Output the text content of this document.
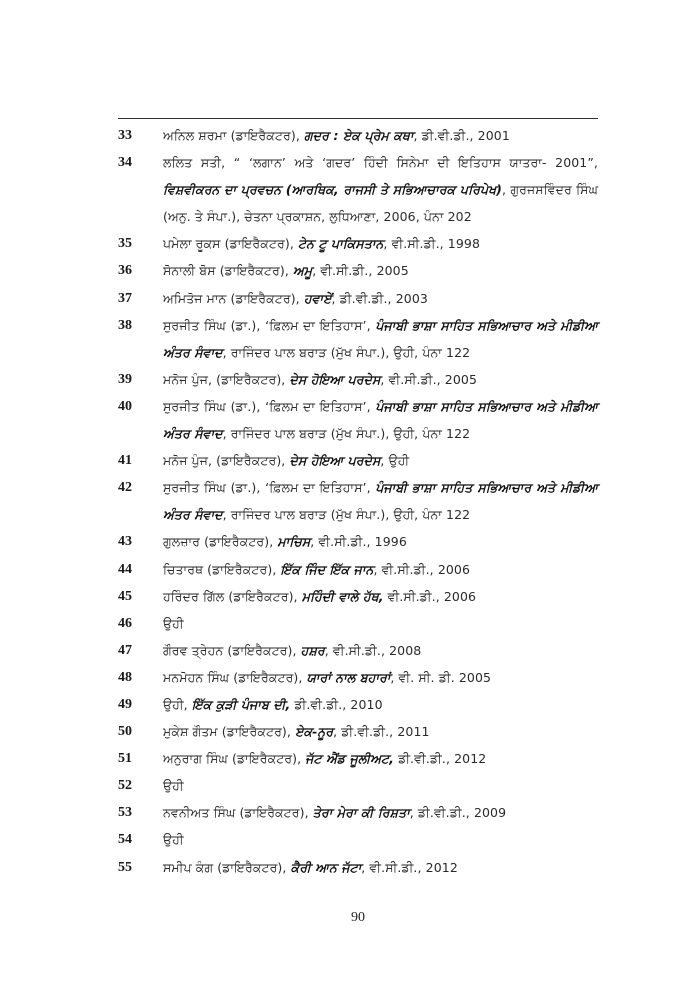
33	ਅਨਿਲ ਸ਼ਰਮਾ (ਡਾਇਰੈਕਟਰ), ਗਦਰ : ਏਕ ਪ੍ਰੇਮ ਕਥਾ, ਡੀ.ਵੀ.ਡੀ., 2001
34	ਲਲਿਤ ਸਤੀ, “ ‘ਲਗਾਨ’ ਅਤੇ ‘ਗਦਰ’ ਹਿੰਦੀ ਸਿਨੇਮਾ ਦੀ ਇਤਿਹਾਸ ਯਾਤਰਾ- 2001”, ਵਿਸ਼ਵੀਕਰਨ ਦਾ ਪ੍ਰਵਚਨ (ਆਰਥਿਕ, ਰਾਜਸੀ ਤੇ ਸਭਿਆਚਾਰਕ ਪਰਿਪੇਖ), ਗੁਰਜਸਵਿੰਦਰ ਸਿੰਘ (ਅਨੁ. ਤੇ ਸੰਪਾ.), ਚੇਤਨਾ ਪ੍ਰਕਾਸ਼ਨ, ਲੁਧਿਆਣਾ, 2006, ਪੰਨਾ 202
35	ਪਮੇਲਾ ਰੂਕਸ (ਡਾਇਰੈਕਟਰ), ਟੇਨ ਟੂ ਪਾਕਿਸਤਾਨ, ਵੀ.ਸੀ.ਡੀ., 1998
36	ਸੋਨਾਲੀ ਬੋਸ (ਡਾਇਰੈਕਟਰ), ਅਮੂ, ਵੀ.ਸੀ.ਡੀ., 2005
37	ਅਮਿਤੋਜ ਮਾਨ (ਡਾਇਰੈਕਟਰ), ਹਵਾਏਂ, ਡੀ.ਵੀ.ਡੀ., 2003
38	ਸੁਰਜੀਤ ਸਿੰਘ (ਡਾ.), ‘ਫ਼ਿਲਮ ਦਾ ਇਤਿਹਾਸ’, ਪੰਜਾਬੀ ਭਾਸ਼ਾ ਸਾਹਿਤ ਸਭਿਆਚਾਰ ਅਤੇ ਮੀਡੀਆ ਅੰਤਰ ਸੰਵਾਦ, ਰਾਜਿੰਦਰ ਪਾਲ ਬਰਾੜ (ਮੁੱਖ ਸੰਪਾ.), ਉਹੀ, ਪੰਨਾ 122
39	ਮਨੋਜ ਪੁੰਜ, (ਡਾਇਰੈਕਟਰ), ਦੇਸ ਹੋਇਆ ਪਰਦੇਸ, ਵੀ.ਸੀ.ਡੀ., 2005
40	ਸੁਰਜੀਤ ਸਿੰਘ (ਡਾ.), ‘ਫ਼ਿਲਮ ਦਾ ਇਤਿਹਾਸ’, ਪੰਜਾਬੀ ਭਾਸ਼ਾ ਸਾਹਿਤ ਸਭਿਆਚਾਰ ਅਤੇ ਮੀਡੀਆ ਅੰਤਰ ਸੰਵਾਦ, ਰਾਜਿੰਦਰ ਪਾਲ ਬਰਾੜ (ਮੁੱਖ ਸੰਪਾ.), ਉਹੀ, ਪੰਨਾ 122
41	ਮਨੋਜ ਪੁੰਜ, (ਡਾਇਰੈਕਟਰ), ਦੇਸ ਹੋਇਆ ਪਰਦੇਸ, ਉਹੀ
42	ਸੁਰਜੀਤ ਸਿੰਘ (ਡਾ.), ‘ਫ਼ਿਲਮ ਦਾ ਇਤਿਹਾਸ’, ਪੰਜਾਬੀ ਭਾਸ਼ਾ ਸਾਹਿਤ ਸਭਿਆਚਾਰ ਅਤੇ ਮੀਡੀਆ ਅੰਤਰ ਸੰਵਾਦ, ਰਾਜਿੰਦਰ ਪਾਲ ਬਰਾੜ (ਮੁੱਖ ਸੰਪਾ.), ਉਹੀ, ਪੰਨਾ 122
43	ਗੁਲਜ਼ਾਰ (ਡਾਇਰੈਕਟਰ), ਮਾਚਿਸ, ਵੀ.ਸੀ.ਡੀ., 1996
44	ਚਿਤਾਰਥ (ਡਾਇਰੈਕਟਰ), ਇੱਕ ਜਿੰਦ ਇੱਕ ਜਾਨ, ਵੀ.ਸੀ.ਡੀ., 2006
45	ਹਰਿੰਦਰ ਗਿੱਲ (ਡਾਇਰੈਕਟਰ), ਮਹਿੰਦੀ ਵਾਲੇ ਹੱਥ, ਵੀ.ਸੀ.ਡੀ., 2006
46	ਉਹੀ
47	ਗੌਰਵ ਤ੍ਰੇਹਨ (ਡਾਇਰੈਕਟਰ), ਹਸ਼ਰ, ਵੀ.ਸੀ.ਡੀ., 2008
48	ਮਨਮੋਹਨ ਸਿੰਘ (ਡਾਇਰੈਕਟਰ), ਯਾਰਾਂ ਨਾਲ ਬਹਾਰਾਂ, ਵੀ. ਸੀ. ਡੀ. 2005
49	ਉਹੀ, ਇੱਕ ਕੁੜੀ ਪੰਜਾਬ ਦੀ, ਡੀ.ਵੀ.ਡੀ., 2010
50	ਮੁਕੇਸ਼ ਗੌਤਮ (ਡਾਇਰੈਕਟਰ), ਏਕ-ਨੂਰ, ਡੀ.ਵੀ.ਡੀ., 2011
51	ਅਨੁਰਾਗ ਸਿੰਘ (ਡਾਇਰੈਕਟਰ), ਜੱਟ ਐਂਡ ਜੂਲੀਅਟ, ਡੀ.ਵੀ.ਡੀ., 2012
52	ਉਹੀ
53	ਨਵਨੀਅਤ ਸਿੰਘ (ਡਾਇਰੈਕਟਰ), ਤੇਰਾ ਮੇਰਾ ਕੀ ਰਿਸ਼ਤਾ, ਡੀ.ਵੀ.ਡੀ., 2009
54	ਉਹੀ
55	ਸਮੀਪ ਕੰਗ (ਡਾਇਰੈਕਟਰ), ਕੈਰੀ ਆਨ ਜੱਟਾ, ਵੀ.ਸੀ.ਡੀ., 2012
90
